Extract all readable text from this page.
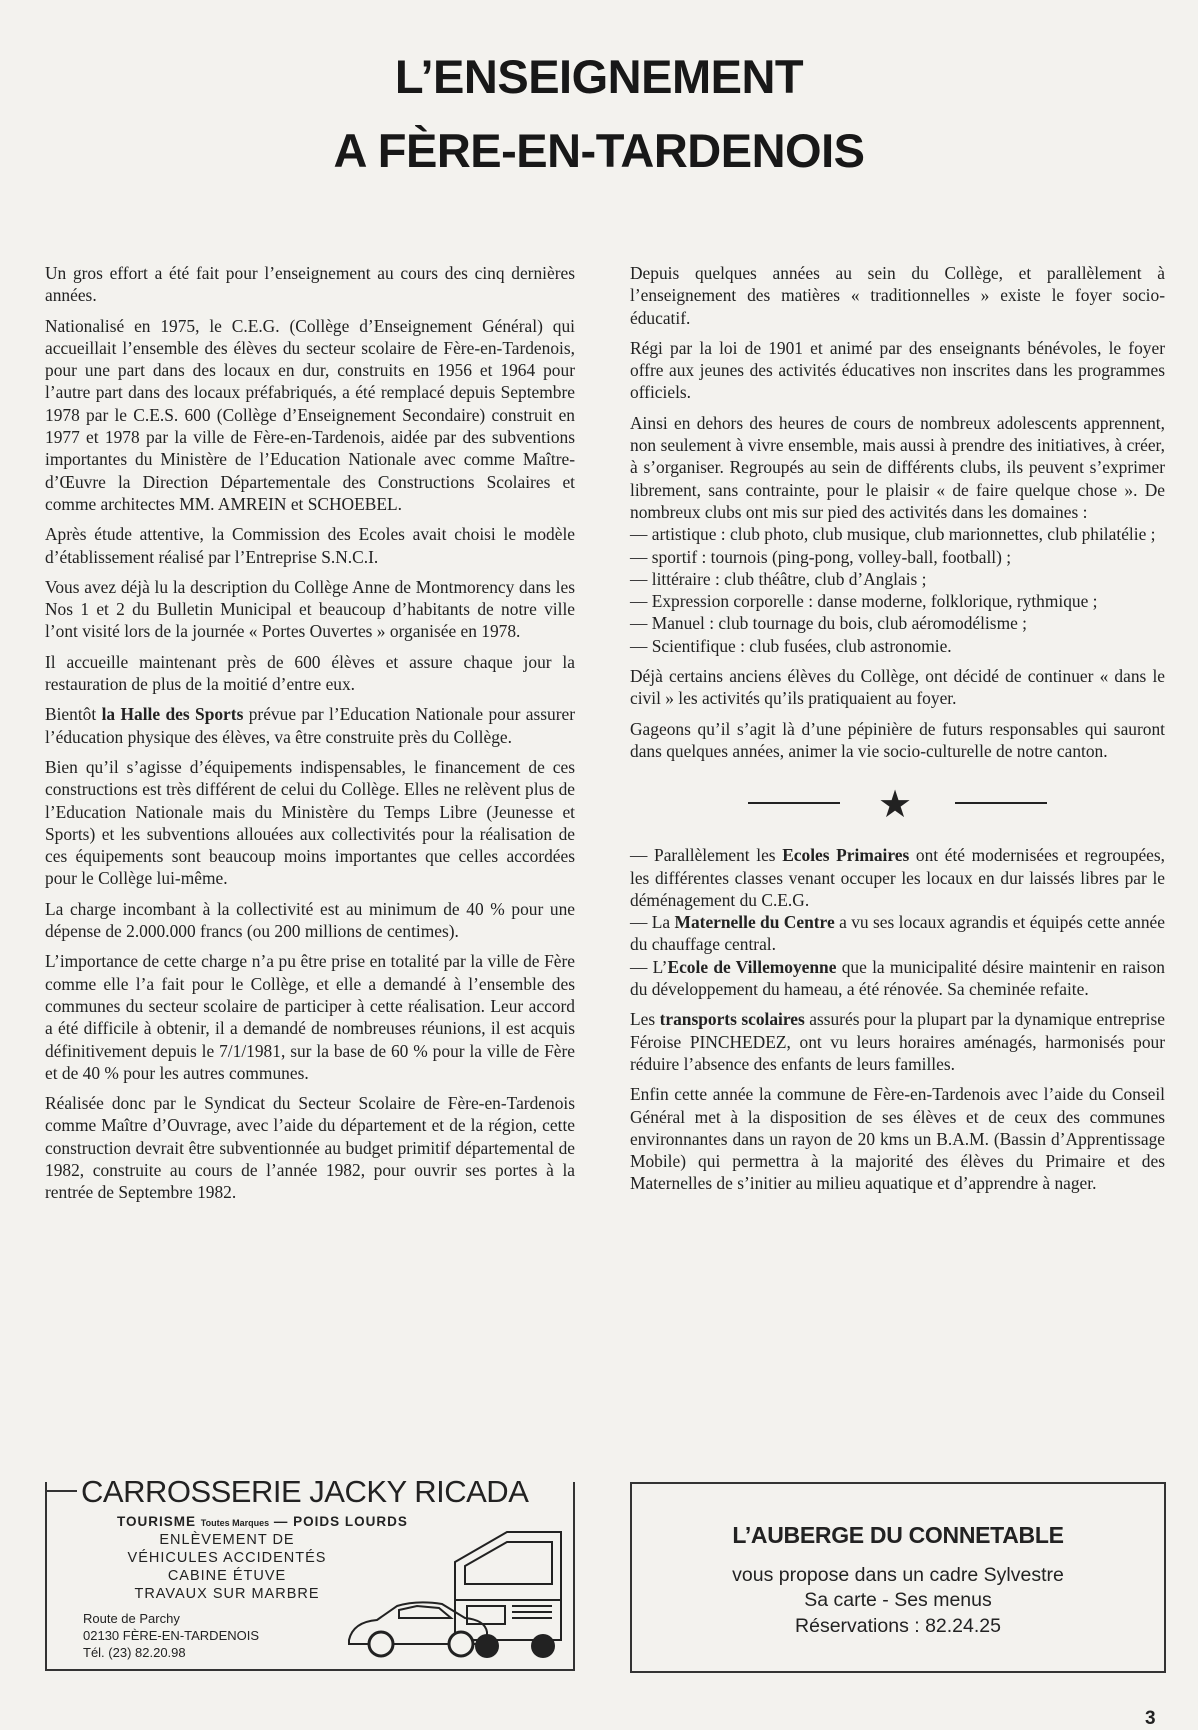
L’ENSEIGNEMENT
A FÈRE-EN-TARDENOIS

Un gros effort a été fait pour l’enseignement au cours des cinq dernières années.

Nationalisé en 1975, le C.E.G. (Collège d’Enseignement Général) qui accueillait l’ensemble des élèves du secteur scolaire de Fère-en-Tardenois, pour une part dans des locaux en dur, construits en 1956 et 1964 pour l’autre part dans des locaux préfabriqués, a été remplacé depuis Septembre 1978 par le C.E.S. 600 (Collège d’Enseignement Secondaire) construit en 1977 et 1978 par la ville de Fère-en-Tardenois, aidée par des subventions importantes du Ministère de l’Education Nationale avec comme Maître-d’Œuvre la Direction Départementale des Constructions Scolaires et comme architectes MM. AMREIN et SCHOEBEL.

Après étude attentive, la Commission des Ecoles avait choisi le modèle d’établissement réalisé par l’Entreprise S.N.C.I.

Vous avez déjà lu la description du Collège Anne de Montmorency dans les Nos 1 et 2 du Bulletin Municipal et beaucoup d’habitants de notre ville l’ont visité lors de la journée « Portes Ouvertes » organisée en 1978.

Il accueille maintenant près de 600 élèves et assure chaque jour la restauration de plus de la moitié d’entre eux.

Bientôt la Halle des Sports prévue par l’Education Nationale pour assurer l’éducation physique des élèves, va être construite près du Collège.

Bien qu’il s’agisse d’équipements indispensables, le financement de ces constructions est très différent de celui du Collège. Elles ne relèvent plus de l’Education Nationale mais du Ministère du Temps Libre (Jeunesse et Sports) et les subventions allouées aux collectivités pour la réalisation de ces équipements sont beaucoup moins importantes que celles accordées pour le Collège lui-même.

La charge incombant à la collectivité est au minimum de 40 % pour une dépense de 2.000.000 francs (ou 200 millions de centimes).

L’importance de cette charge n’a pu être prise en totalité par la ville de Fère comme elle l’a fait pour le Collège, et elle a demandé à l’ensemble des communes du secteur scolaire de participer à cette réalisation. Leur accord a été difficile à obtenir, il a demandé de nombreuses réunions, il est acquis définitivement depuis le 7/1/1981, sur la base de 60 % pour la ville de Fère et de 40 % pour les autres communes.

Réalisée donc par le Syndicat du Secteur Scolaire de Fère-en-Tardenois comme Maître d’Ouvrage, avec l’aide du département et de la région, cette construction devrait être subventionnée au budget primitif départemental de 1982, construite au cours de l’année 1982, pour ouvrir ses portes à la rentrée de Septembre 1982.

Depuis quelques années au sein du Collège, et parallèlement à l’enseignement des matières « traditionnelles » existe le foyer socio-éducatif.

Régi par la loi de 1901 et animé par des enseignants bénévoles, le foyer offre aux jeunes des activités éducatives non inscrites dans les programmes officiels.

Ainsi en dehors des heures de cours de nombreux adolescents apprennent, non seulement à vivre ensemble, mais aussi à prendre des initiatives, à créer, à s’organiser. Regroupés au sein de différents clubs, ils peuvent s’exprimer librement, sans contrainte, pour le plaisir « de faire quelque chose ». De nombreux clubs ont mis sur pied des activités dans les domaines :

— artistique : club photo, club musique, club marionnettes, club philatélie ;

— sportif : tournois (ping-pong, volley-ball, football) ;

— littéraire : club théâtre, club d’Anglais ;

— Expression corporelle : danse moderne, folklorique, rythmique ;

— Manuel : club tournage du bois, club aéromodélisme ;

— Scientifique : club fusées, club astronomie.

Déjà certains anciens élèves du Collège, ont décidé de continuer « dans le civil » les activités qu’ils pratiquaient au foyer.

Gageons qu’il s’agit là d’une pépinière de futurs responsables qui sauront dans quelques années, animer la vie socio-culturelle de notre canton.

★

— Parallèlement les Ecoles Primaires ont été modernisées et regroupées, les différentes classes venant occuper les locaux en dur laissés libres par le déménagement du C.E.G.

— La Maternelle du Centre a vu ses locaux agrandis et équipés cette année du chauffage central.

— L’Ecole de Villemoyenne que la municipalité désire maintenir en raison du développement du hameau, a été rénovée. Sa cheminée refaite.

Les transports scolaires assurés pour la plupart par la dynamique entreprise Féroise PINCHEDEZ, ont vu leurs horaires aménagés, harmonisés pour réduire l’absence des enfants de leurs familles.

Enfin cette année la commune de Fère-en-Tardenois avec l’aide du Conseil Général met à la disposition de ses élèves et de ceux des communes environnantes dans un rayon de 20 kms un B.A.M. (Bassin d’Apprentissage Mobile) qui permettra à la majorité des élèves du Primaire et des Maternelles de s’initier au milieu aquatique et d’apprendre à nager.

CARROSSERIE JACKY RICADA
TOURISME Toutes Marques — POIDS LOURDS
ENLÈVEMENT DE
VÉHICULES ACCIDENTÉS
CABINE ÉTUVE
TRAVAUX SUR MARBRE
Route de Parchy
02130 FÈRE-EN-TARDENOIS
Tél. (23) 82.20.98
L’AUBERGE DU CONNETABLE
vous propose dans un cadre Sylvestre
Sa carte - Ses menus
Réservations : 82.24.25
3
